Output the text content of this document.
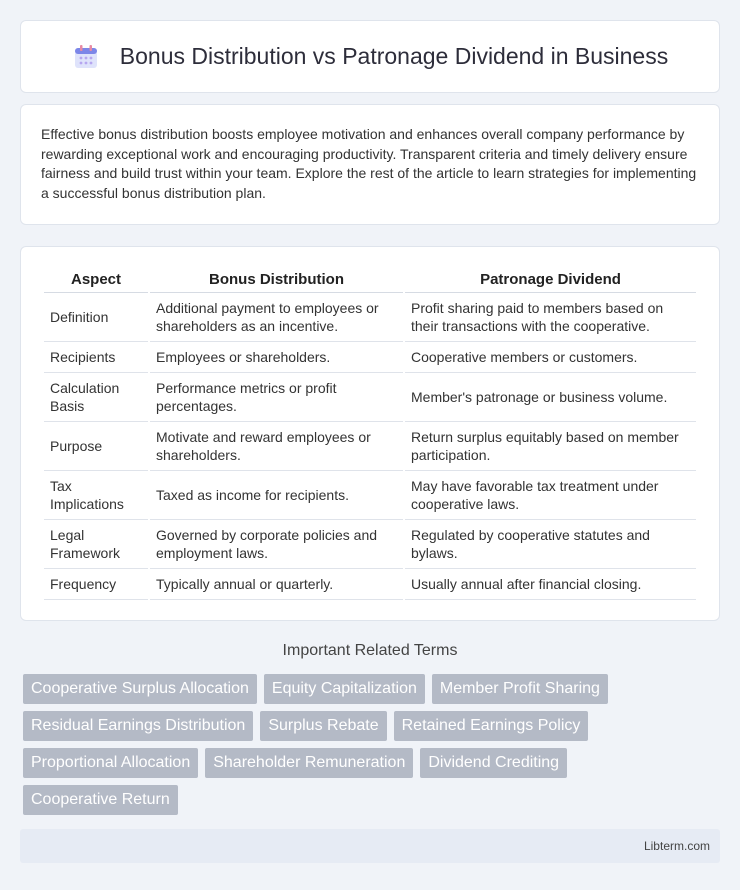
Bonus Distribution vs Patronage Dividend in Business

Effective bonus distribution boosts employee motivation and enhances overall company performance by rewarding exceptional work and encouraging productivity. Transparent criteria and timely delivery ensure fairness and build trust within your team. Explore the rest of the article to learn strategies for implementing a successful bonus distribution plan.

Aspect	Bonus Distribution	Patronage Dividend
Definition	Additional payment to employees or shareholders as an incentive.	Profit sharing paid to members based on their transactions with the cooperative.
Recipients	Employees or shareholders.	Cooperative members or customers.
Calculation Basis	Performance metrics or profit percentages.	Member's patronage or business volume.
Purpose	Motivate and reward employees or shareholders.	Return surplus equitably based on member participation.
Tax Implications	Taxed as income for recipients.	May have favorable tax treatment under cooperative laws.
Legal Framework	Governed by corporate policies and employment laws.	Regulated by cooperative statutes and bylaws.
Frequency	Typically annual or quarterly.	Usually annual after financial closing.
Important Related Terms
Cooperative Surplus Allocation	Equity Capitalization	Member Profit Sharing
Residual Earnings Distribution	Surplus Rebate	Retained Earnings Policy
Proportional Allocation	Shareholder Remuneration	Dividend Crediting
Cooperative Return
Libterm.com
